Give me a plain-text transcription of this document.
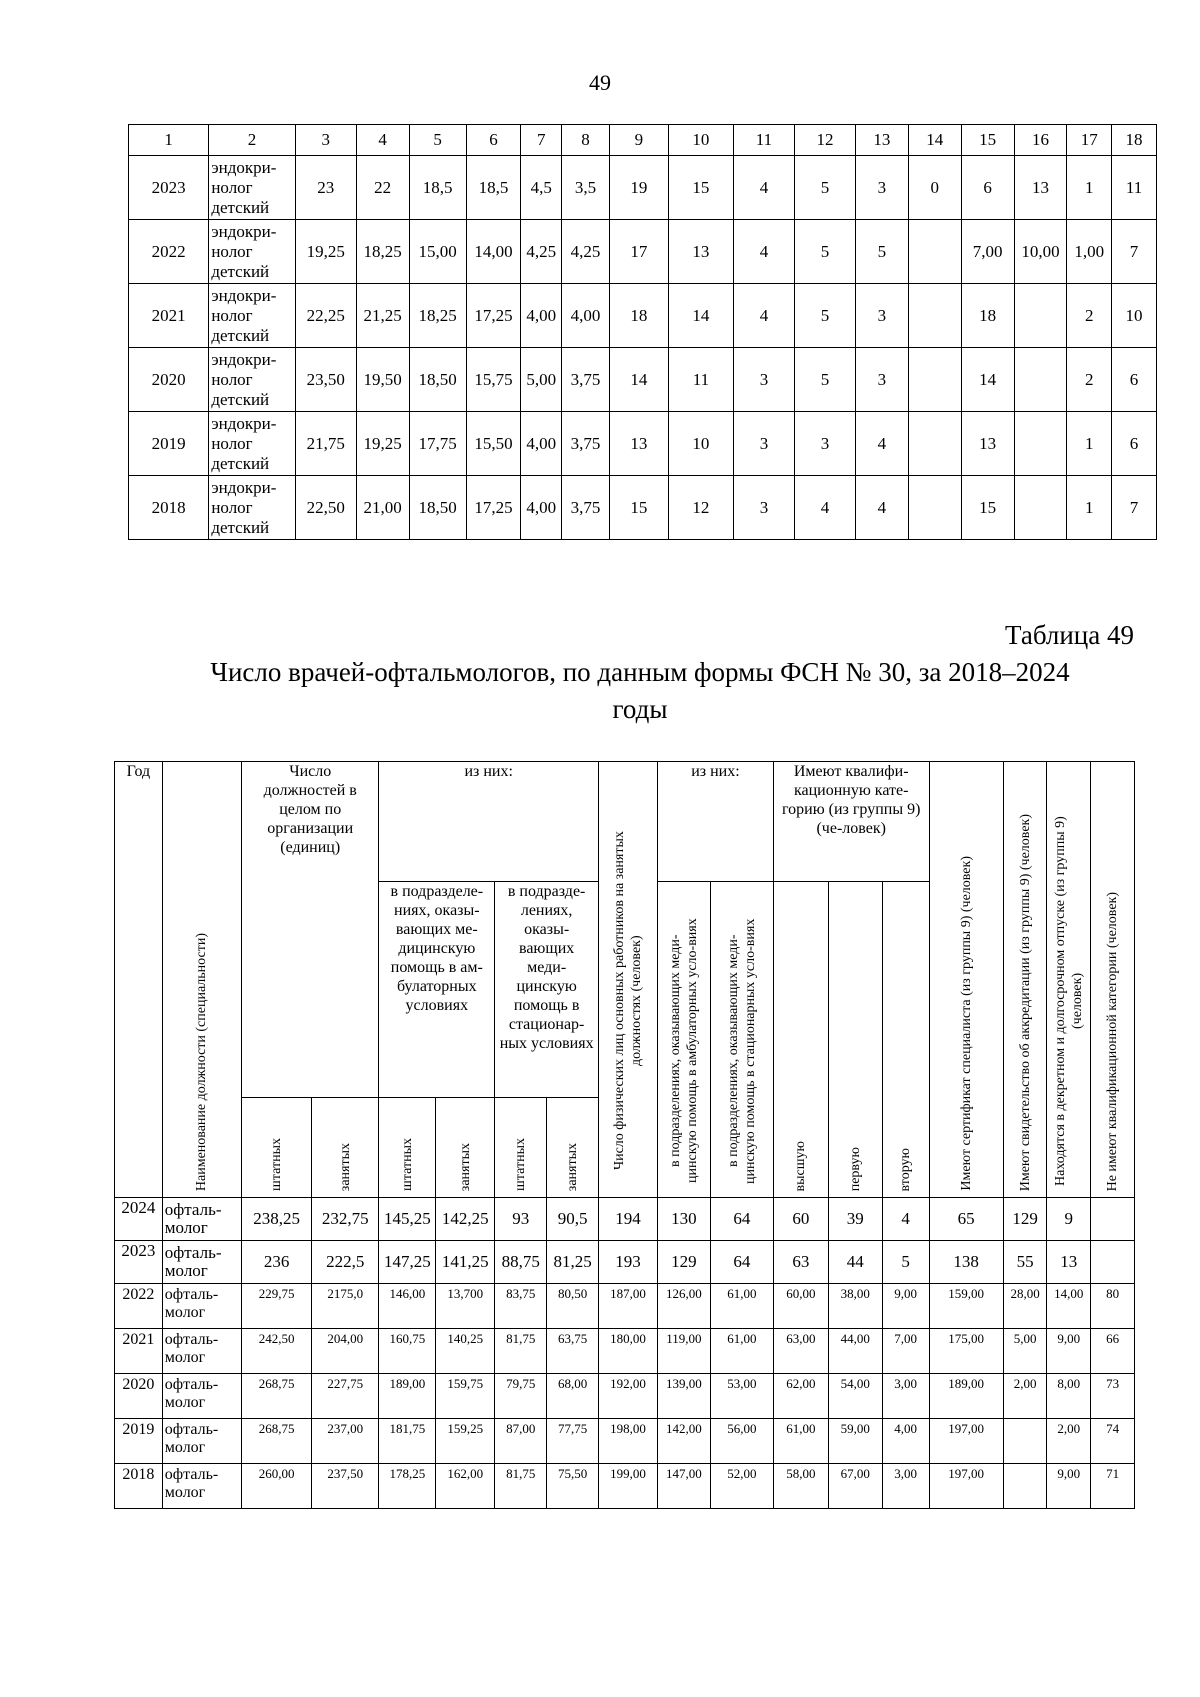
49
1	2	3	4	5	6	7	8	9	10	11	12	13	14	15	16	17	18
2023	эндокри-
нолог
детский	23	22	18,5	18,5	4,5	3,5	19	15	4	5	3	0	6	13	1	11
2022	эндокри-
нолог
детский	19,25	18,25	15,00	14,00	4,25	4,25	17	13	4	5	5		7,00	10,00	1,00	7
2021	эндокри-
нолог
детский	22,25	21,25	18,25	17,25	4,00	4,00	18	14	4	5	3		18		2	10
2020	эндокри-
нолог
детский	23,50	19,50	18,50	15,75	5,00	3,75	14	11	3	5	3		14		2	6
2019	эндокри-
нолог
детский	21,75	19,25	17,75	15,50	4,00	3,75	13	10	3	3	4		13		1	6
2018	эндокри-
нолог
детский	22,50	21,00	18,50	17,25	4,00	3,75	15	12	3	4	4		15		1	7
Таблица 49
Число врачей-офтальмологов, по данным формы ФСН № 30, за 2018–2024 годы
Год	Наименование должности (специальности)	Число должностей в целом по организации (единиц)		из них:				Число физических лиц основных работников на занятых должностях (человек)	из них:		Имеют квалифи-кационную кате-горию (из группы 9) (че-ловек)			Имеют сертификат специалиста (из группы 9) (человек)	Имеют свидетельство об аккредитации (из группы 9) (человек)	Находятся в декретном и долгосрочном отпуске (из группы 9) (человек)	Не имеют квалификационной категории (человек)

				в подразделе-ниях, оказы-вающих ме-дицинскую помощь в ам-булаторных условиях		в подразде-лениях, оказы-вающих меди-цинскую помощь в стационар-ных условиях			в подразделениях, оказывающих меди-цинскую помощь в амбулаторных усло-виях	в подразделениях, оказывающих меди-цинскую помощь в стационарных усло-виях	высшую	первую	вторую				

		штатных	занятых	штатных	занятых	штатных	занятых										

2024	офталь-
молог	238,25	232,75	145,25	142,25	93	90,5	194	130	64	60	39	4	65	129	9	
2023	офталь-
молог	236	222,5	147,25	141,25	88,75	81,25	193	129	64	63	44	5	138	55	13	
2022	офталь-
молог	229,75	2175,0	146,00	13,700	83,75	80,50	187,00	126,00	61,00	60,00	38,00	9,00	159,00	28,00	14,00	80
2021	офталь-
молог	242,50	204,00	160,75	140,25	81,75	63,75	180,00	119,00	61,00	63,00	44,00	7,00	175,00	5,00	9,00	66
2020	офталь-
молог	268,75	227,75	189,00	159,75	79,75	68,00	192,00	139,00	53,00	62,00	54,00	3,00	189,00	2,00	8,00	73
2019	офталь-
молог	268,75	237,00	181,75	159,25	87,00	77,75	198,00	142,00	56,00	61,00	59,00	4,00	197,00		2,00	74
2018	офталь-
молог	260,00	237,50	178,25	162,00	81,75	75,50	199,00	147,00	52,00	58,00	67,00	3,00	197,00		9,00	71
